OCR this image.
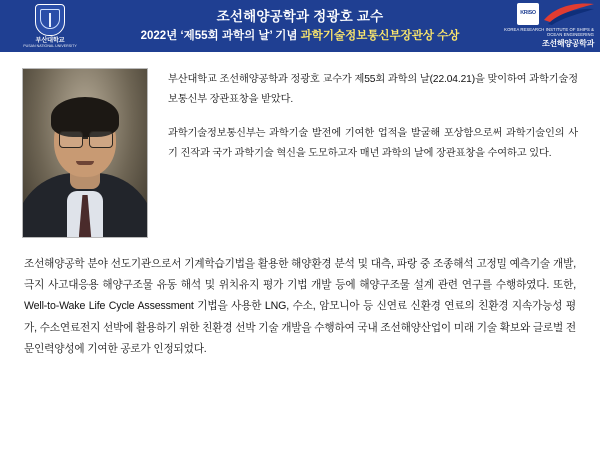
부산대학교
PUSAN NATIONAL UNIVERSITY
조선해양공학과 정광호 교수
2022년 ‘제55회 과학의 날’ 기념 과학기술정보통신부장관상 수상
KRISO
KOREA RESEARCH INSTITUTE OF SHIPS & OCEAN ENGINEERING
조선해양공학과

부산대학교 조선해양공학과 정광호 교수가 제55회 과학의 날(22.04.21)을 맞이하여 과학기술정보통신부 장관표창을 받았다.

과학기술정보통신부는 과학기술 발전에 기여한 업적을 발굴해 포상함으로써 과학기술인의 사기 진작과 국가 과학기술 혁신을 도모하고자 매년 과학의 날에 장관표창을 수여하고 있다.

조선해양공학 분야 선도기관으로서 기계학습기법을 활용한 해양환경 분석 및 대측, 파랑 중 조종해석 고정밀 예측기술 개발, 극지 사고대응용 해양구조물 유동 해석 및 위치유지 평가 기법 개발 등에 해양구조물 설계 관련 연구를 수행하였다. 또한, Well-to-Wake Life Cycle Assessment 기법을 사용한 LNG, 수소, 암모니아 등 신연료 신환경 연료의 친환경 지속가능성 평가, 수소연료전지 선박에 활용하기 위한 친환경 선박 기술 개발을 수행하여 국내 조선해양산업이 미래 기술 확보와 글로벌 전문인력양성에 기여한 공로가 인정되었다.
